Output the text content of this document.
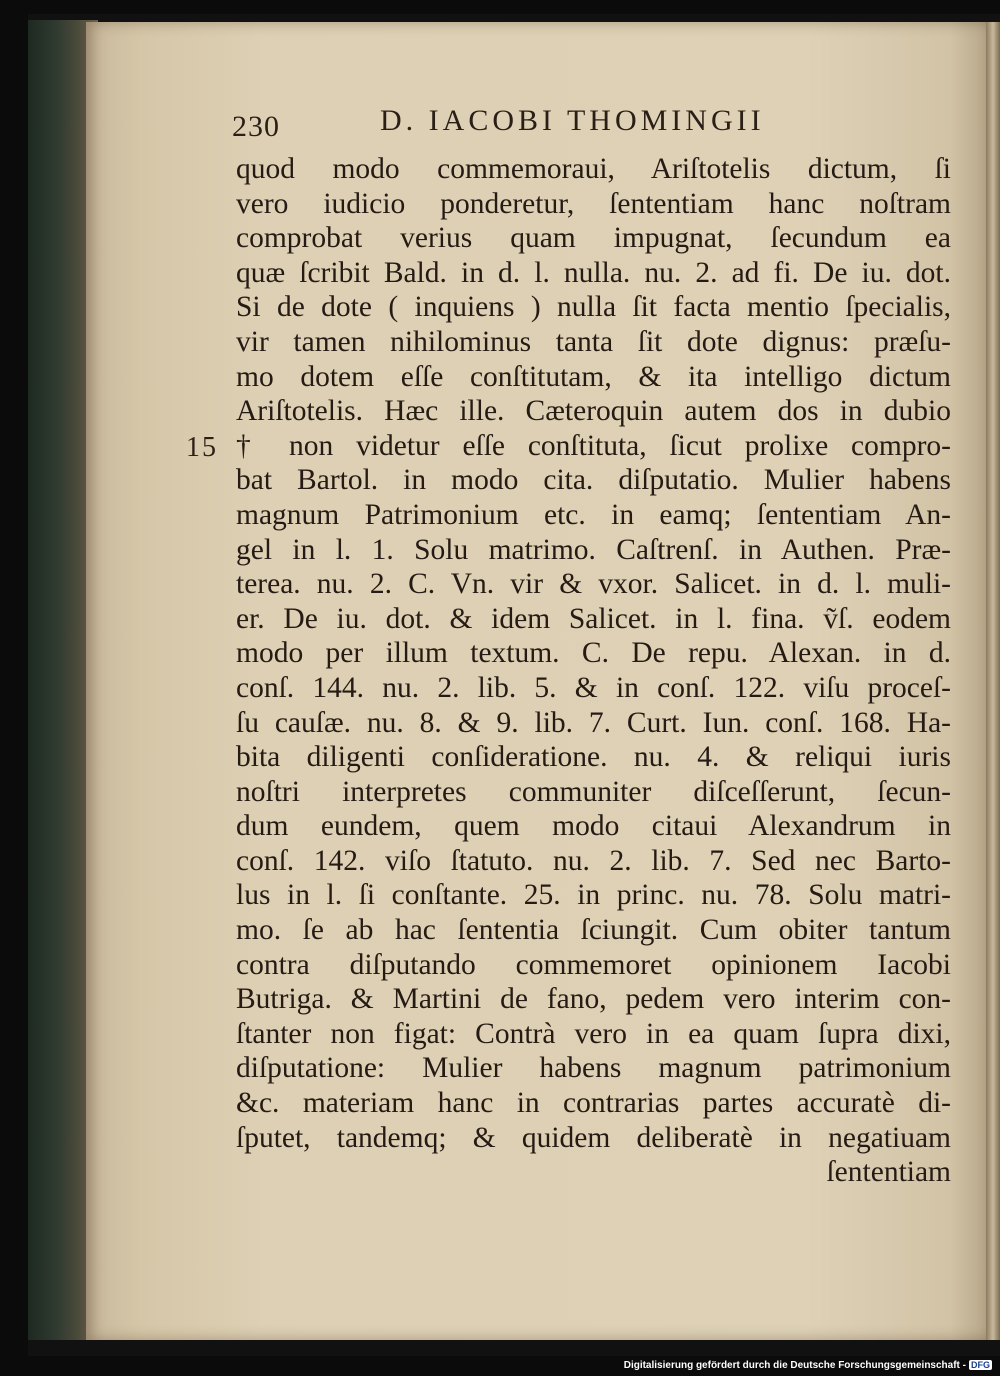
230	D. IACOBI THOMINGII
15
quod modo commemoraui, Ariſtotelis dictum, ſi
vero iudicio ponderetur, ſententiam hanc noſtram
comprobat verius quam impugnat, ſecundum ea
quæ ſcribit Bald. in d. l. nulla. nu. 2. ad fi. De iu. dot.
Si de dote ( inquiens ) nulla ſit facta mentio ſpecialis,
vir tamen nihilominus tanta ſit dote dignus: præſu-
mo dotem eſſe conſtitutam, & ita intelligo dictum
Ariſtotelis. Hæc ille. Cæteroquin autem dos in dubio
† non videtur eſſe conſtituta, ſicut prolixe compro-
bat Bartol. in modo cita. diſputatio. Mulier habens
magnum Patrimonium etc. in eamq; ſententiam An-
gel in l. 1. Solu matrimo. Caſtrenſ. in Authen. Præ-
terea. nu. 2. C. Vn. vir & vxor. Salicet. in d. l. muli-
er. De iu. dot. & idem Salicet. in l. fina. ṽſ. eodem
modo per illum textum. C. De repu. Alexan. in d.
conſ. 144. nu. 2. lib. 5. & in conſ. 122. viſu proceſ-
ſu cauſæ. nu. 8. & 9. lib. 7. Curt. Iun. conſ. 168. Ha-
bita diligenti conſideratione. nu. 4. & reliqui iuris
noſtri interpretes communiter diſceſſerunt, ſecun-
dum eundem, quem modo citaui Alexandrum in
conſ. 142. viſo ſtatuto. nu. 2. lib. 7. Sed nec Barto-
lus in l. ſi conſtante. 25. in princ. nu. 78. Solu matri-
mo. ſe ab hac ſententia ſciungit. Cum obiter tantum
contra diſputando commemoret opinionem Iacobi
Butriga. & Martini de fano, pedem vero interim con-
ſtanter non figat: Contrà vero in ea quam ſupra dixi,
diſputatione: Mulier habens magnum patrimonium
&c. materiam hanc in contrarias partes accuratè di-
ſputet, tandemq; & quidem deliberatè in negatiuam
ſententiam
Digitalisierung gefördert durch die Deutsche Forschungsgemeinschaft - DFG
